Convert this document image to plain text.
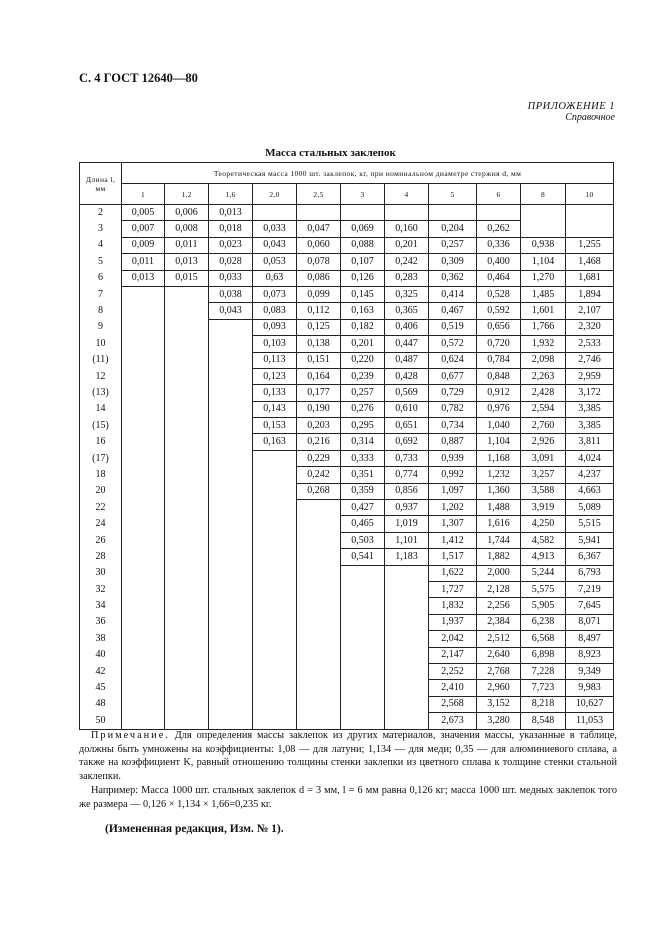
С. 4 ГОСТ 12640—80
ПРИЛОЖЕНИЕ 1
Справочное
Масса стальных заклепок
Длина l, мм	Теоретическая масса 1000 шт. заклепок, кг, при номинальном диаметре стержня d, мм										
	1	1,2	1,6	2,0	2,5	3	4	5	6	8	10
2	0,005	0,006	0,013								
3	0,007	0,008	0,018	0,033	0,047	0,069	0,160	0,204	0,262		
4	0,009	0,011	0,023	0,043	0,060	0,088	0,201	0,257	0,336	0,938	1,255
5	0,011	0,013	0,028	0,053	0,078	0,107	0,242	0,309	0,400	1,104	1,468
6	0,013	0,015	0,033	0,63	0,086	0,126	0,283	0,362	0,464	1,270	1,681
7			0,038	0,073	0,099	0,145	0,325	0,414	0,528	1,485	1,894
8			0,043	0,083	0,112	0,163	0,365	0,467	0,592	1,601	2,107
9				0,093	0,125	0,182	0,406	0,519	0,656	1,766	2,320
10				0,103	0,138	0,201	0,447	0,572	0,720	1,932	2,533
(11)				0,113	0,151	0,220	0,487	0,624	0,784	2,098	2,746
12				0,123	0,164	0,239	0,428	0,677	0,848	2,263	2,959
(13)				0,133	0,177	0,257	0,569	0,729	0,912	2,428	3,172
14				0,143	0,190	0,276	0,610	0,782	0,976	2,594	3,385
(15)				0,153	0,203	0,295	0,651	0,734	1,040	2,760	3,385
16				0,163	0,216	0,314	0,692	0,887	1,104	2,926	3,811
(17)					0,229	0,333	0,733	0,939	1,168	3,091	4,024
18					0,242	0,351	0,774	0,992	1,232	3,257	4,237
20					0,268	0,359	0,856	1,097	1,360	3,588	4,663
22						0,427	0,937	1,202	1,488	3,919	5,089
24						0,465	1,019	1,307	1,616	4,250	5,515
26						0,503	1,101	1,412	1,744	4,582	5,941
28						0,541	1,183	1,517	1,882	4,913	6,367
30								1,622	2,000	5,244	6,793
32								1,727	2,128	5,575	7,219
34								1,832	2,256	5,905	7,645
36								1,937	2,384	6,238	8,071
38								2,042	2,512	6,568	8,497
40								2,147	2,640	6,898	8,923
42								2,252	2,768	7,228	9,349
45								2,410	2,960	7,723	9,983
48								2,568	3,152	8,218	10,627
50								2,673	3,280	8,548	11,053

Примечание. Для определения массы заклепок из других материалов, значения массы, указанные в таблице, должны быть умножены на коэффициенты: 1,08 — для латуни; 1,134 — для меди; 0,35 — для алюминиевого сплава, а также на коэффициент K, равный отношению толщины стенки заклепки из цветного сплава к толщине стенки стальной заклепки.

Например: Масса 1000 шт. стальных заклепок d = 3 мм, l = 6 мм равна 0,126 кг; масса 1000 шт. медных заклепок того же размера — 0,126 × 1,134 × 1,66=0,235 кг.

(Измененная редакция, Изм. № 1).
